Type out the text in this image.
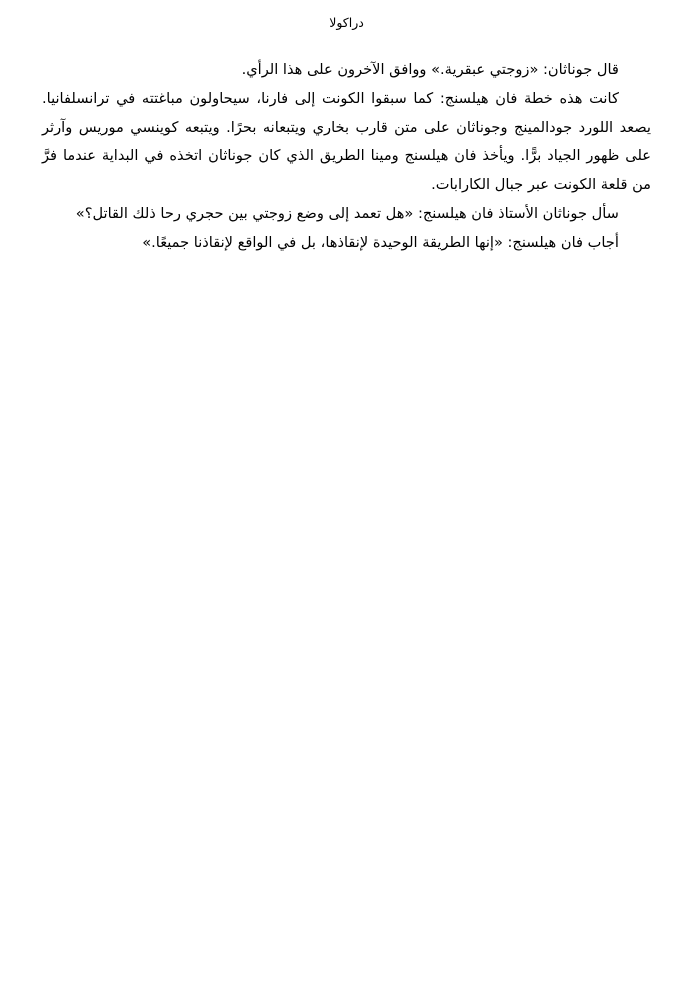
دراكولا

قال جوناثان: «زوجتي عبقرية.» ووافق الآخرون على هذا الرأي.

كانت هذه خطة فان هيلسنج: كما سبقوا الكونت إلى فارنا، سيحاولون مباغتته في ترانسلفانيا. يصعد اللورد جودالمينج وجوناثان على متن قارب بخاري ويتبعانه بحرًا. ويتبعه كوينسي موريس وآرثر على ظهور الجياد برًّا. ويأخذ فان هيلسنج ومينا الطريق الذي كان جوناثان اتخذه في البداية عندما فرَّ من قلعة الكونت عبر جبال الكارابات.

سأل جوناثان الأستاذ فان هيلسنج: «هل تعمد إلى وضع زوجتي بين حجري رحا ذلك القاتل؟»

أجاب فان هيلسنج: «إنها الطريقة الوحيدة لإنقاذها، بل في الواقع لإنقاذنا جميعًا.»
